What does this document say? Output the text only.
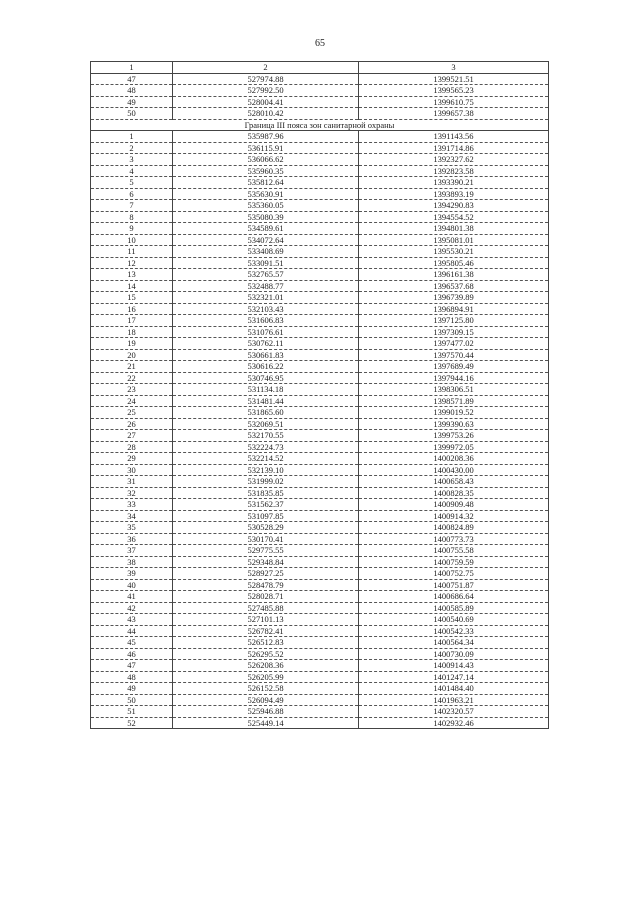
65
1	2	3
47	527974.88	1399521.51
48	527992.50	1399565.23
49	528004.41	1399610.75
50	528010.42	1399657.38
Граница III пояса зон санитарной охраны		
1	535987.96	1391143.56
2	536115.91	1391714.86
3	536066.62	1392327.62
4	535960.35	1392823.58
5	535812.64	1393390.21
6	535630.91	1393893.19
7	535360.05	1394290.83
8	535080.39	1394554.52
9	534589.61	1394801.38
10	534072.64	1395081.01
11	533408.69	1395530.21
12	533091.51	1395805.46
13	532765.57	1396161.38
14	532488.77	1396537.68
15	532321.01	1396739.89
16	532103.43	1396894.91
17	531606.83	1397125.80
18	531076.61	1397309.15
19	530762.11	1397477.02
20	530661.83	1397570.44
21	530616.22	1397689.49
22	530746.95	1397944.16
23	531134.18	1398306.51
24	531481.44	1398571.89
25	531865.60	1399019.52
26	532069.51	1399390.63
27	532170.55	1399753.26
28	532224.73	1399972.05
29	532214.52	1400208.36
30	532139.10	1400430.00
31	531999.02	1400658.43
32	531835.85	1400828.35
33	531562.37	1400909.48
34	531097.85	1400914.32
35	530528.29	1400824.89
36	530170.41	1400773.73
37	529775.55	1400755.58
38	529348.84	1400759.59
39	528927.25	1400752.75
40	528478.79	1400751.87
41	528028.71	1400686.64
42	527485.88	1400585.89
43	527101.13	1400540.69
44	526782.41	1400542.33
45	526512.83	1400564.34
46	526295.52	1400730.09
47	526208.36	1400914.43
48	526205.99	1401247.14
49	526152.58	1401484.40
50	526094.49	1401963.21
51	525946.88	1402320.57
52	525449.14	1402932.46
